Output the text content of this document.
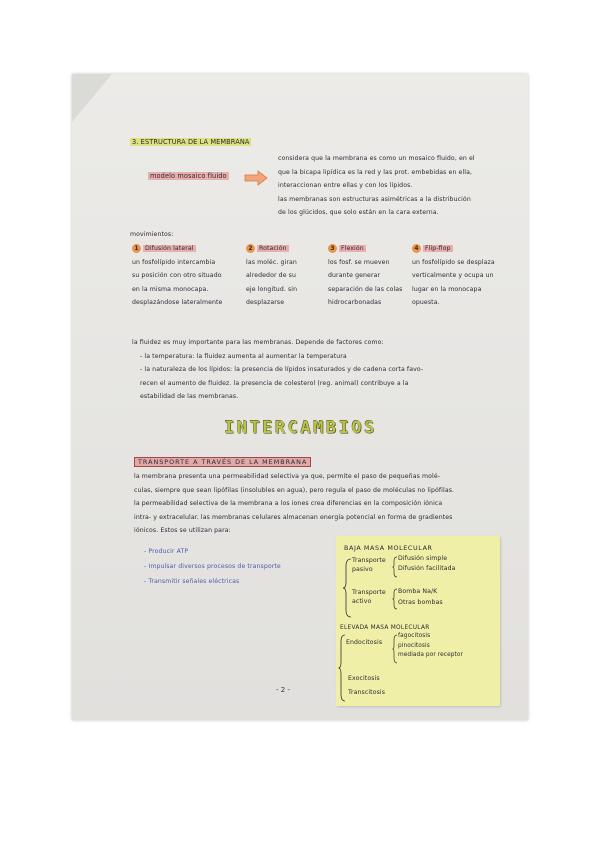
3. ESTRUCTURA DE LA MEMBRANA
modelo mosaico fluido
considera que la membrana es como un mosaico fluido, en el
que la bicapa lipídica es la red y las prot. embebidas en ella,
interaccionan entre ellas y con los lípidos.
las membranas son estructuras asimétricas a la distribución
de los glúcidos, que solo están en la cara externa.
movimientos:
1 Difusión lateral
un fosfolípido intercambia
su posición con otro situado
en la misma monocapa.
desplazándose lateralmente
2 Rotación
las moléc. giran
alrededor de su
eje longitud. sin
desplazarse
3 Flexión
los fosf. se mueven
durante generar
separación de las colas
hidrocarbonadas
4 Flip-flop
un fosfolípido se desplaza
verticalmente y ocupa un
lugar en la monocapa
opuesta.
la fluidez es muy importante para las membranas. Depende de factores como:
- la temperatura: la fluidez aumenta al aumentar la temperatura
- la naturaleza de los lípidos: la presencia de lípidos insaturados y de cadena corta favo-
recen el aumento de fluidez. la presencia de colesterol (reg. animal) contribuye a la
estabilidad de las membranas.
INTERCAMBIOS
TRANSPORTE A TRAVÉS DE LA MEMBRANA
la membrana presenta una permeabilidad selectiva ya que, permite el paso de pequeñas molé-
culas, siempre que sean lipófilas (insolubles en agua), pero regula el paso de moléculas no lipófilas.
la permeabilidad selectiva de la membrana a los iones crea diferencias en la composición iónica
intra- y extracelular. las membranas celulares almacenan energía potencial en forma de gradientes
iónicos. Estos se utilizan para:
- Producir ATP
- Impulsar diversos procesos de transporte
- Transmitir señales eléctricas
BAJA MASA MOLECULAR
Transporte pasivo
Difusión simple
Difusión facilitada
Transporte activo
Bomba Na/K
Otras bombas
ELEVADA MASA MOLECULAR
Endocitosis
fagocitosis
pinocitosis
mediada por receptor
Exocitosis
Transcitosis
- 2 -
